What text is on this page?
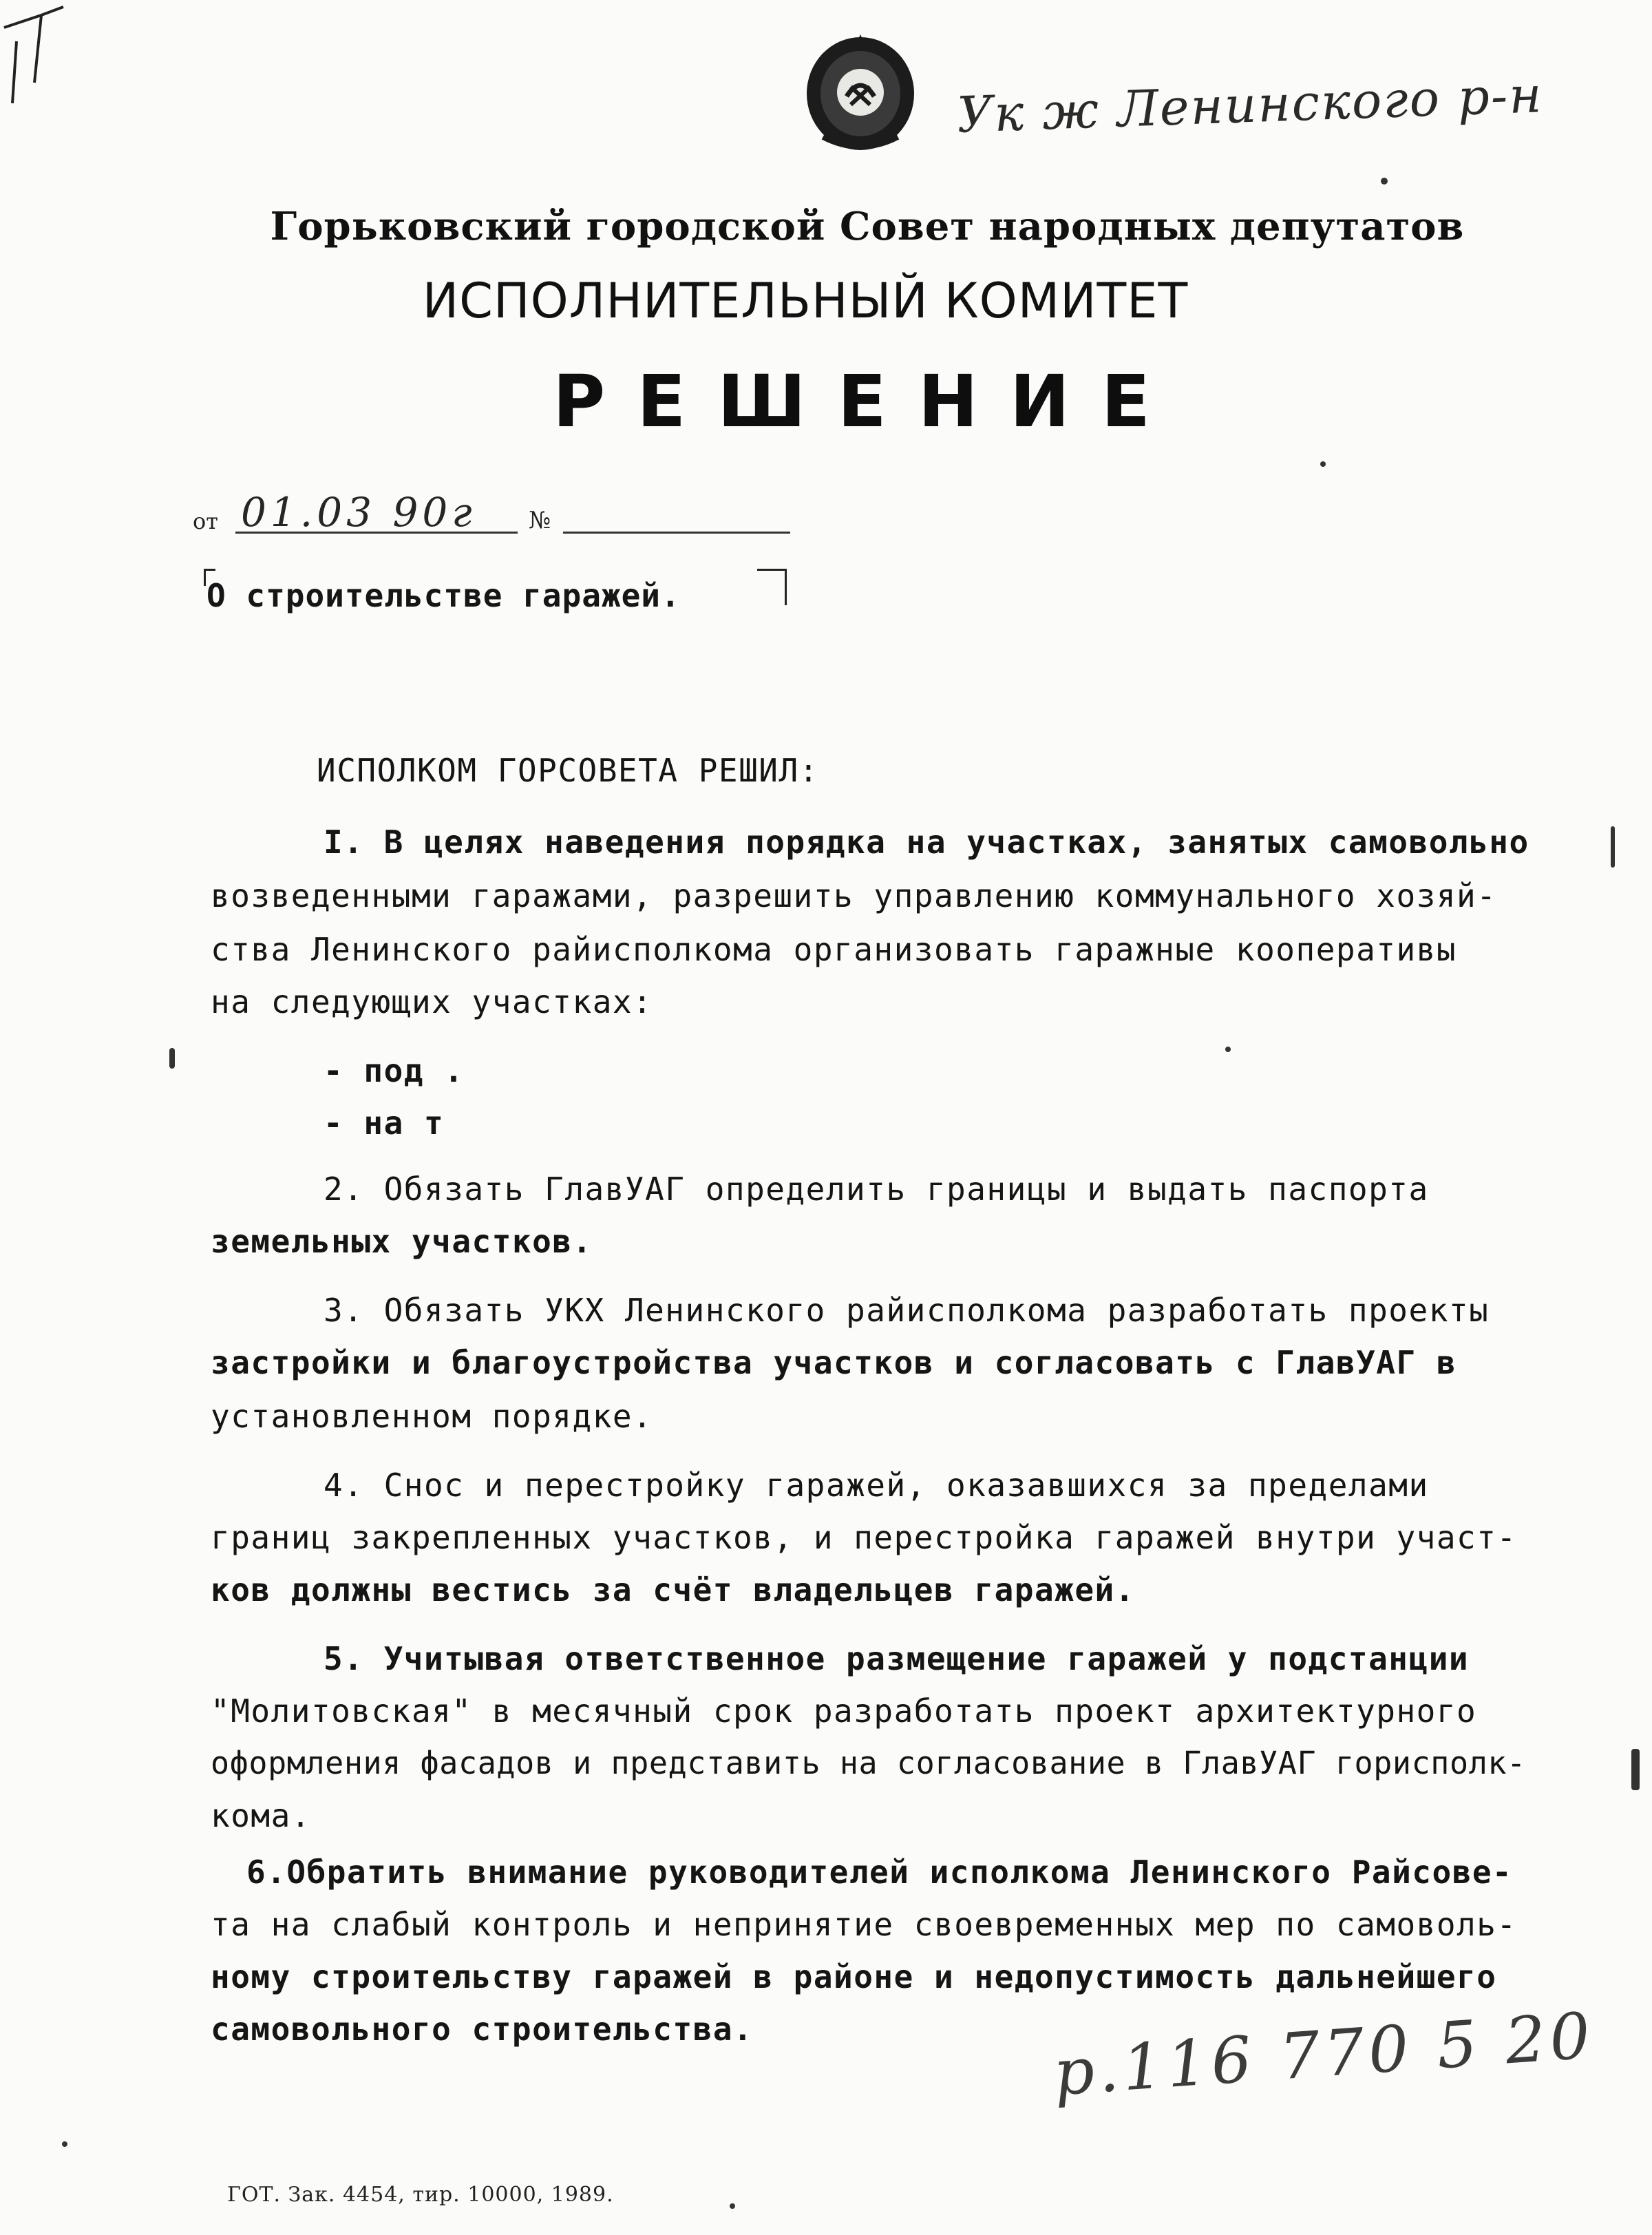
Ук ж Ленинского р-н
Горьковский городской Совет народных депутатов
ИСПОЛНИТЕЛЬНЫЙ КОМИТЕТ
РЕШЕНИЕ
от 01.03 90г №
О строительстве гаражей.
ИСПОЛКОМ ГОРСОВЕТА РЕШИЛ:
I. В целях наведения порядка на участках, занятых самовольно
возведенными гаражами, разрешить управлению коммунального хозяй-
ства Ленинского райисполкома организовать гаражные кооперативы
на следующих участках:
- под .
- на т
2. Обязать ГлавУАГ определить границы и выдать паспорта
земельных участков.
3. Обязать УКХ Ленинского райисполкома разработать проекты
застройки и благоустройства участков и согласовать с ГлавУАГ в
установленном порядке.
4. Снос и перестройку гаражей, оказавшихся за пределами
границ закрепленных участков, и перестройка гаражей внутри участ-
ков должны вестись за счёт владельцев гаражей.
5. Учитывая ответственное размещение гаражей у подстанции
"Молитовская" в месячный срок разработать проект архитектурного
оформления фасадов и представить на согласование в ГлавУАГ горисполк-
кома.
6.Обратить внимание руководителей исполкома Ленинского Райсове-
та на слабый контроль и непринятие своевременных мер по самоволь-
ному строительству гаражей в районе и недопустимость дальнейшего
самовольного строительства.	р.116 770 5 20
ГОТ. Зак. 4454, тир. 10000, 1989.
